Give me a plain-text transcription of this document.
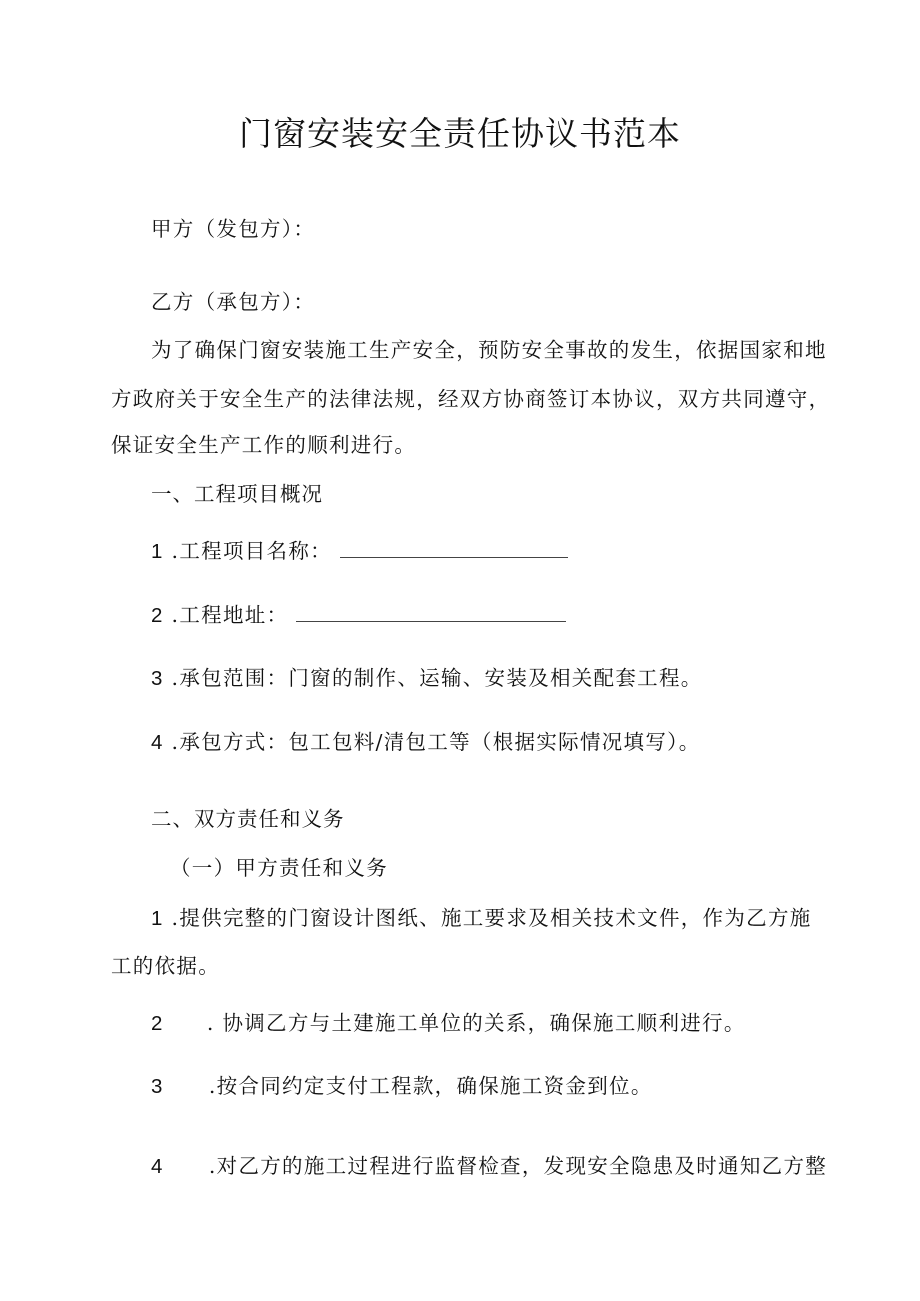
门窗安装安全责任协议书范本
甲方（发包方）：
乙方（承包方）：
为了确保门窗安装施工生产安全，预防安全事故的发生，依据国家和地
方政府关于安全生产的法律法规，经双方协商签订本协议，双方共同遵守，
保证安全生产工作的顺利进行。
一、工程项目概况
1 .工程项目名称：
2 .工程地址：
3 .承包范围：门窗的制作、运输、安装及相关配套工程。
4 .承包方式：包工包料/清包工等（根据实际情况填写）。
二、双方责任和义务
（一）甲方责任和义务
1 .提供完整的门窗设计图纸、施工要求及相关技术文件，作为乙方施
工的依据。
2 . 协调乙方与土建施工单位的关系，确保施工顺利进行。
3 .按合同约定支付工程款，确保施工资金到位。
4 .对乙方的施工过程进行监督检查，发现安全隐患及时通知乙方整
